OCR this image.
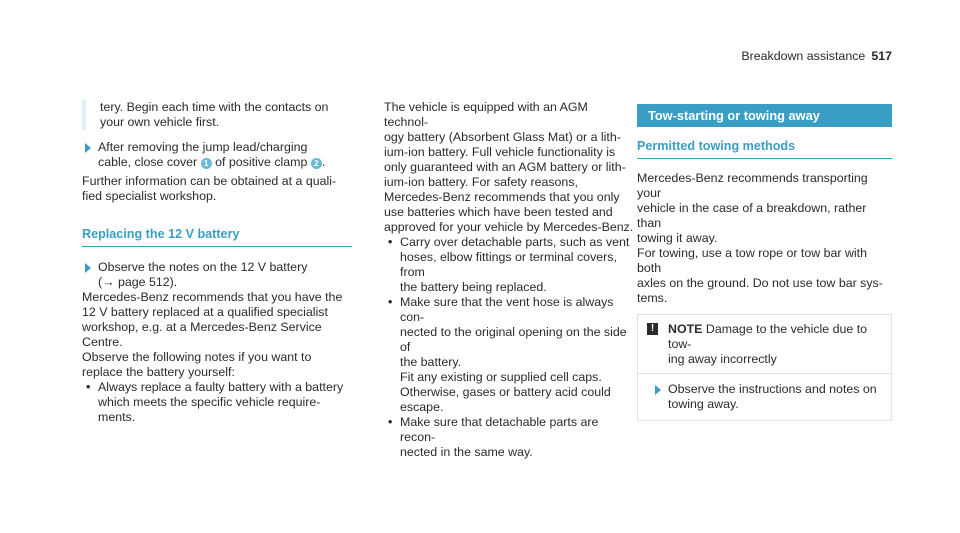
Breakdown assistance 517

tery. Begin each time with the contacts on

your own vehicle first.

After removing the jump lead/charging

cable, close cover 1 of positive clamp 2 .

Further information can be obtained at a quali-

fied specialist workshop.

Replacing the 12 V battery

Observe the notes on the 12 V battery

(→ page 512).

Mercedes-Benz recommends that you have the

12 V battery replaced at a qualified specialist

workshop, e.g. at a Mercedes-Benz Service

Centre.

Observe the following notes if you want to

replace the battery yourself:

• Always replace a faulty battery with a battery

which meets the specific vehicle require-

ments.

The vehicle is equipped with an AGM technol-

ogy battery (Absorbent Glass Mat) or a lith-

ium-ion battery. Full vehicle functionality is

only guaranteed with an AGM battery or lith-

ium-ion battery. For safety reasons,

Mercedes-Benz recommends that you only

use batteries which have been tested and

approved for your vehicle by Mercedes-Benz.

• Carry over detachable parts, such as vent

hoses, elbow fittings or terminal covers, from

the battery being replaced.

• Make sure that the vent hose is always con-

nected to the original opening on the side of

the battery.

Fit any existing or supplied cell caps.

Otherwise, gases or battery acid could

escape.

• Make sure that detachable parts are recon-

nected in the same way.

Tow-starting or towing away
Permitted towing methods

Mercedes-Benz recommends transporting your

vehicle in the case of a breakdown, rather than

towing it away.

For towing, use a tow rope or tow bar with both

axles on the ground. Do not use tow bar sys-

tems.

!	NOTE Damage to the vehicle due to tow-

ing away incorrectly

Observe the instructions and notes on

towing away.
